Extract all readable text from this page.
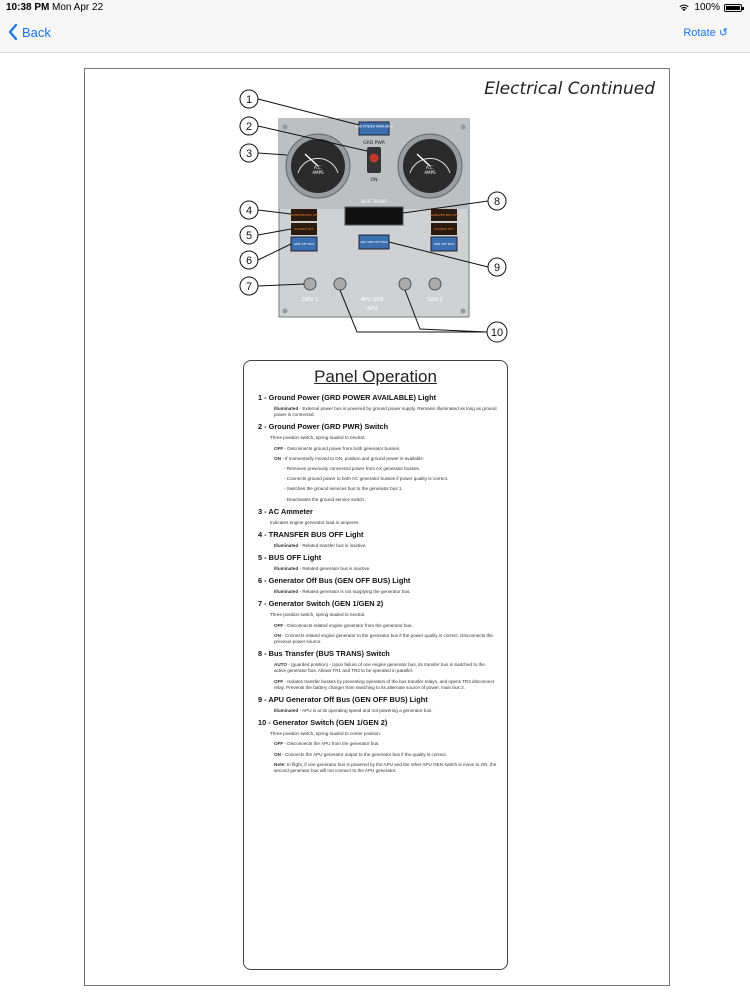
10:38 PM Mon Apr 22	100%
Back	Rotate ↺
Electrical Continued
GRD POWER AVAILABLE
GRD PWR
ON
A.C.
AMPS
A.C.
AMPS
BUS TRANS
TRANSFER BUS OFF
SOURCE OFF
GEN OFF BUS
TRANSFER BUS OFF
SOURCE OFF
GEN OFF BUS
APU GEN OFF BUS
GEN 1	GEN 2
APU GEN
APU
1
2
3
4
5
6
7
8
9
10
Panel Operation
1 - Ground Power (GRD POWER AVAILABLE) Light

Illuminated - External power bus is powered by ground power supply. Remains illuminated as long as ground power is connected.

2 - Ground Power (GRD PWR) Switch

Three position switch, spring-loaded to neutral.

OFF - Disconnects ground power from both generator busses.

ON - If momentarily moved to ON, position and ground power is available:

- Removes previously connected power from AX generator busses.

- Connects ground power to both AC generator busses if power quality is correct.

- Switches the ground services bus to the generator bus 1.

- Deactivates the ground service switch.

3 - AC Ammeter

Indicates engine generator load in amperes.

4 - TRANSFER BUS OFF Light

Illuminated - Related transfer bus is inactive.

5 - BUS OFF Light

Illuminated - Related generator bus is inactive.

6 - Generator Off Bus (GEN OFF BUS) Light

Illuminated - Related generator is not supplying the generator bus.

7 - Generator Switch (GEN 1/GEN 2)

Three position switch, spring-loaded to neutral.

OFF - Disconnects related engine generator from the generator bus.

ON - Connects related engine generator to the generator bus if the power quality is correct. Disconnects the previous power source.

8 - Bus Transfer (BUS TRANS) Switch

AUTO - (guarded position) - Upon failure of one engine generator bus, its transfer bus is switched to the active generator bus. Allows TR1 and TR2 to be operated in parallel.

OFF - Isolates transfer busses by preventing operation of the bus transfer relays, and opens TR3 disconnect relay. Prevents the battery charger from switching to its alternate source of power, main bus 2.

9 - APU Generator Off Bus (GEN OFF BUS) Light

Illuminated - APU is at its operating speed and not powering a generator bus.

10 - Generator Switch (GEN 1/GEN 2)

Three position switch, spring-loaded to center position.

OFF - Disconnects the APU from the generator bus.

ON - Connects the APU generator output to the generator bus if the quality is correct.

Note: In flight, if one generator bus is powered by the APU and the other APU GEN switch is move to ON, the second generator bus will not connect to the APU generator.
